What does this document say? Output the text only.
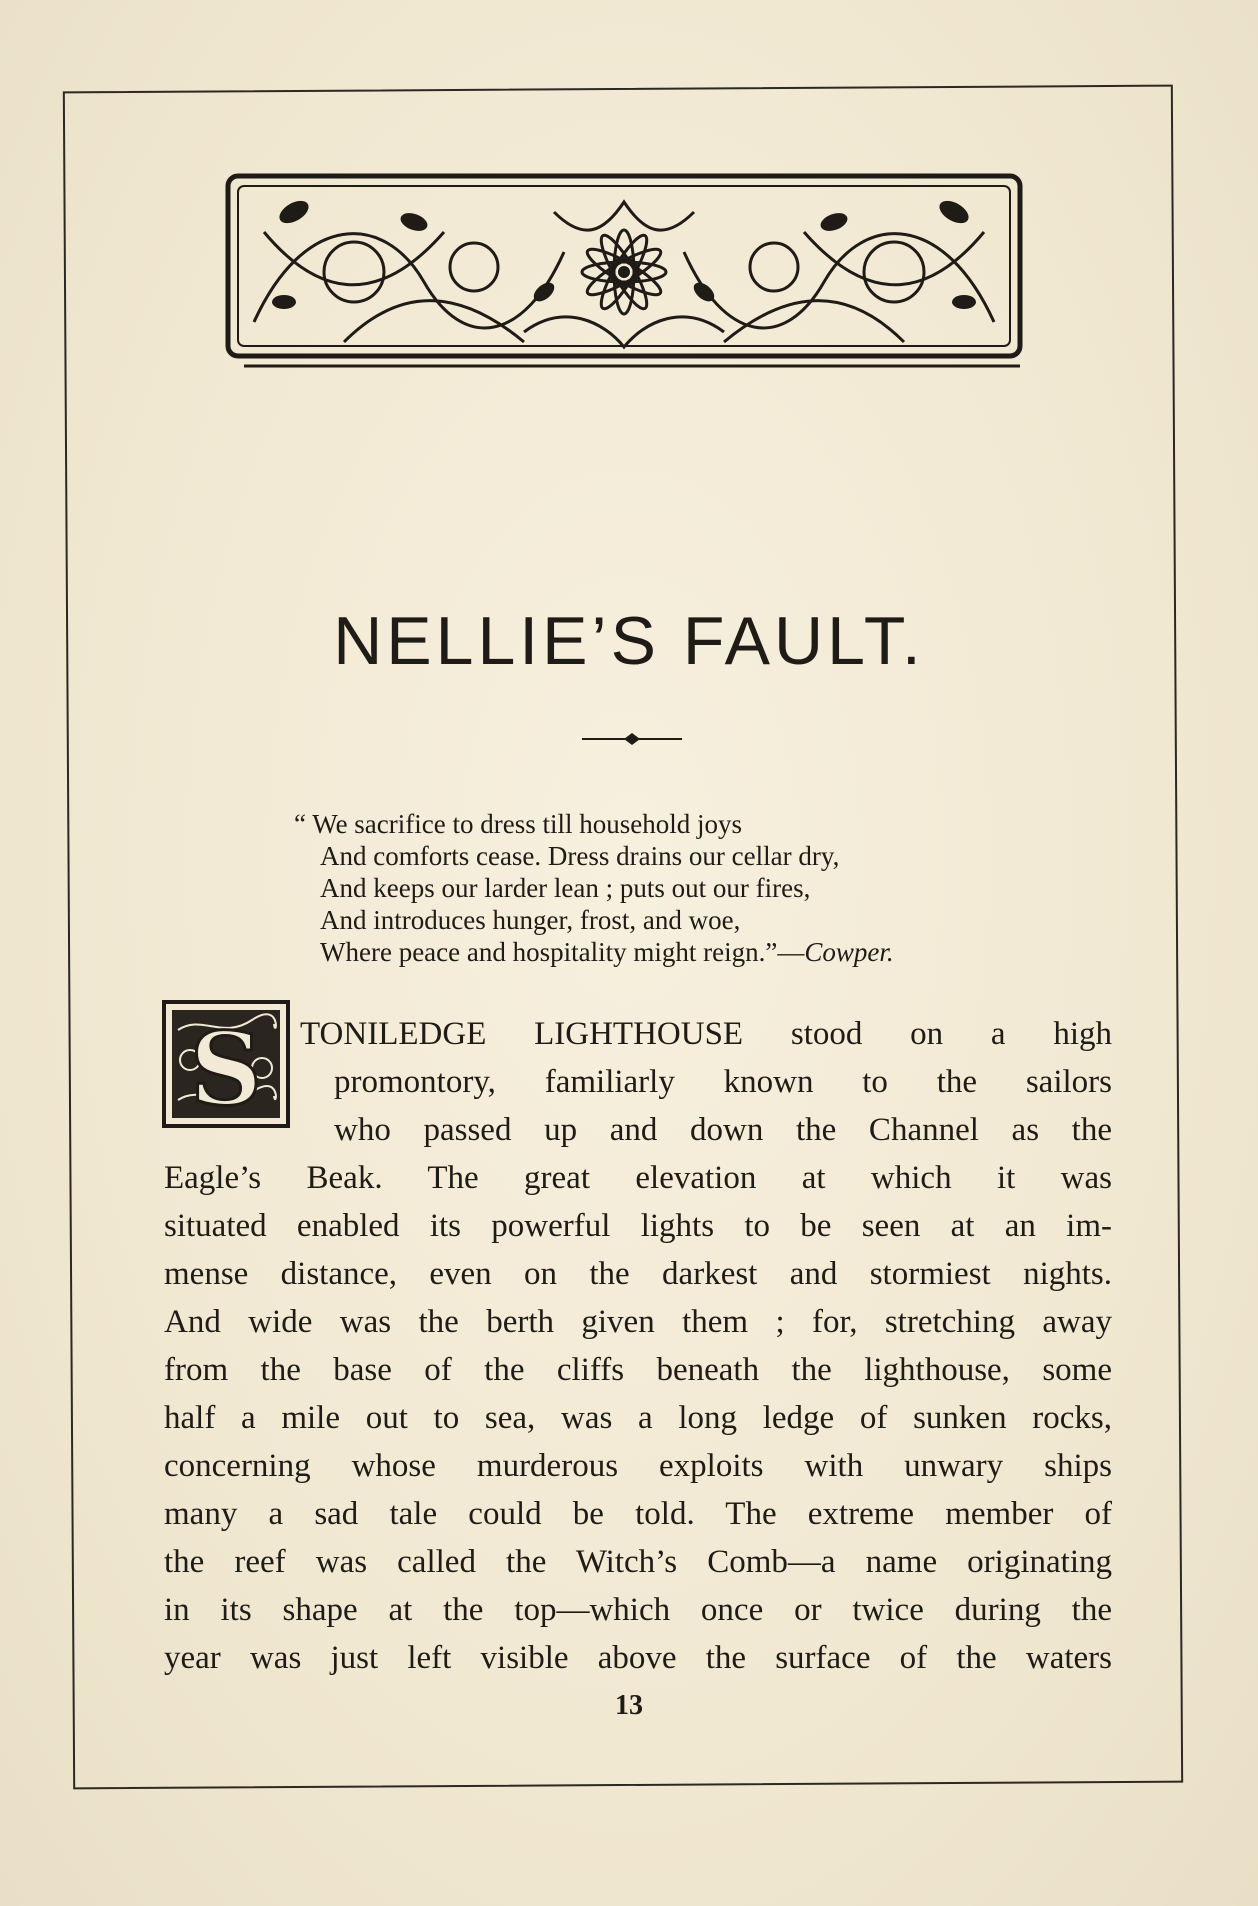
NELLIE’S FAULT.
“ We sacrifice to dress till household joys
And comforts cease. Dress drains our cellar dry,
And keeps our larder lean ; puts out our fires,
And introduces hunger, frost, and woe,
Where peace and hospitality might reign.”—Cowper.
S TONILEDGE LIGHTHOUSE stood on a high
promontory, familiarly known to the sailors
who passed up and down the Channel as the
Eagle’s Beak. The great elevation at which it was
situated enabled its powerful lights to be seen at an im-
mense distance, even on the darkest and stormiest nights.
And wide was the berth given them ; for, stretching away
from the base of the cliffs beneath the lighthouse, some
half a mile out to sea, was a long ledge of sunken rocks,
concerning whose murderous exploits with unwary ships
many a sad tale could be told. The extreme member of
the reef was called the Witch’s Comb—a name originating
in its shape at the top—which once or twice during the
year was just left visible above the surface of the waters
13
